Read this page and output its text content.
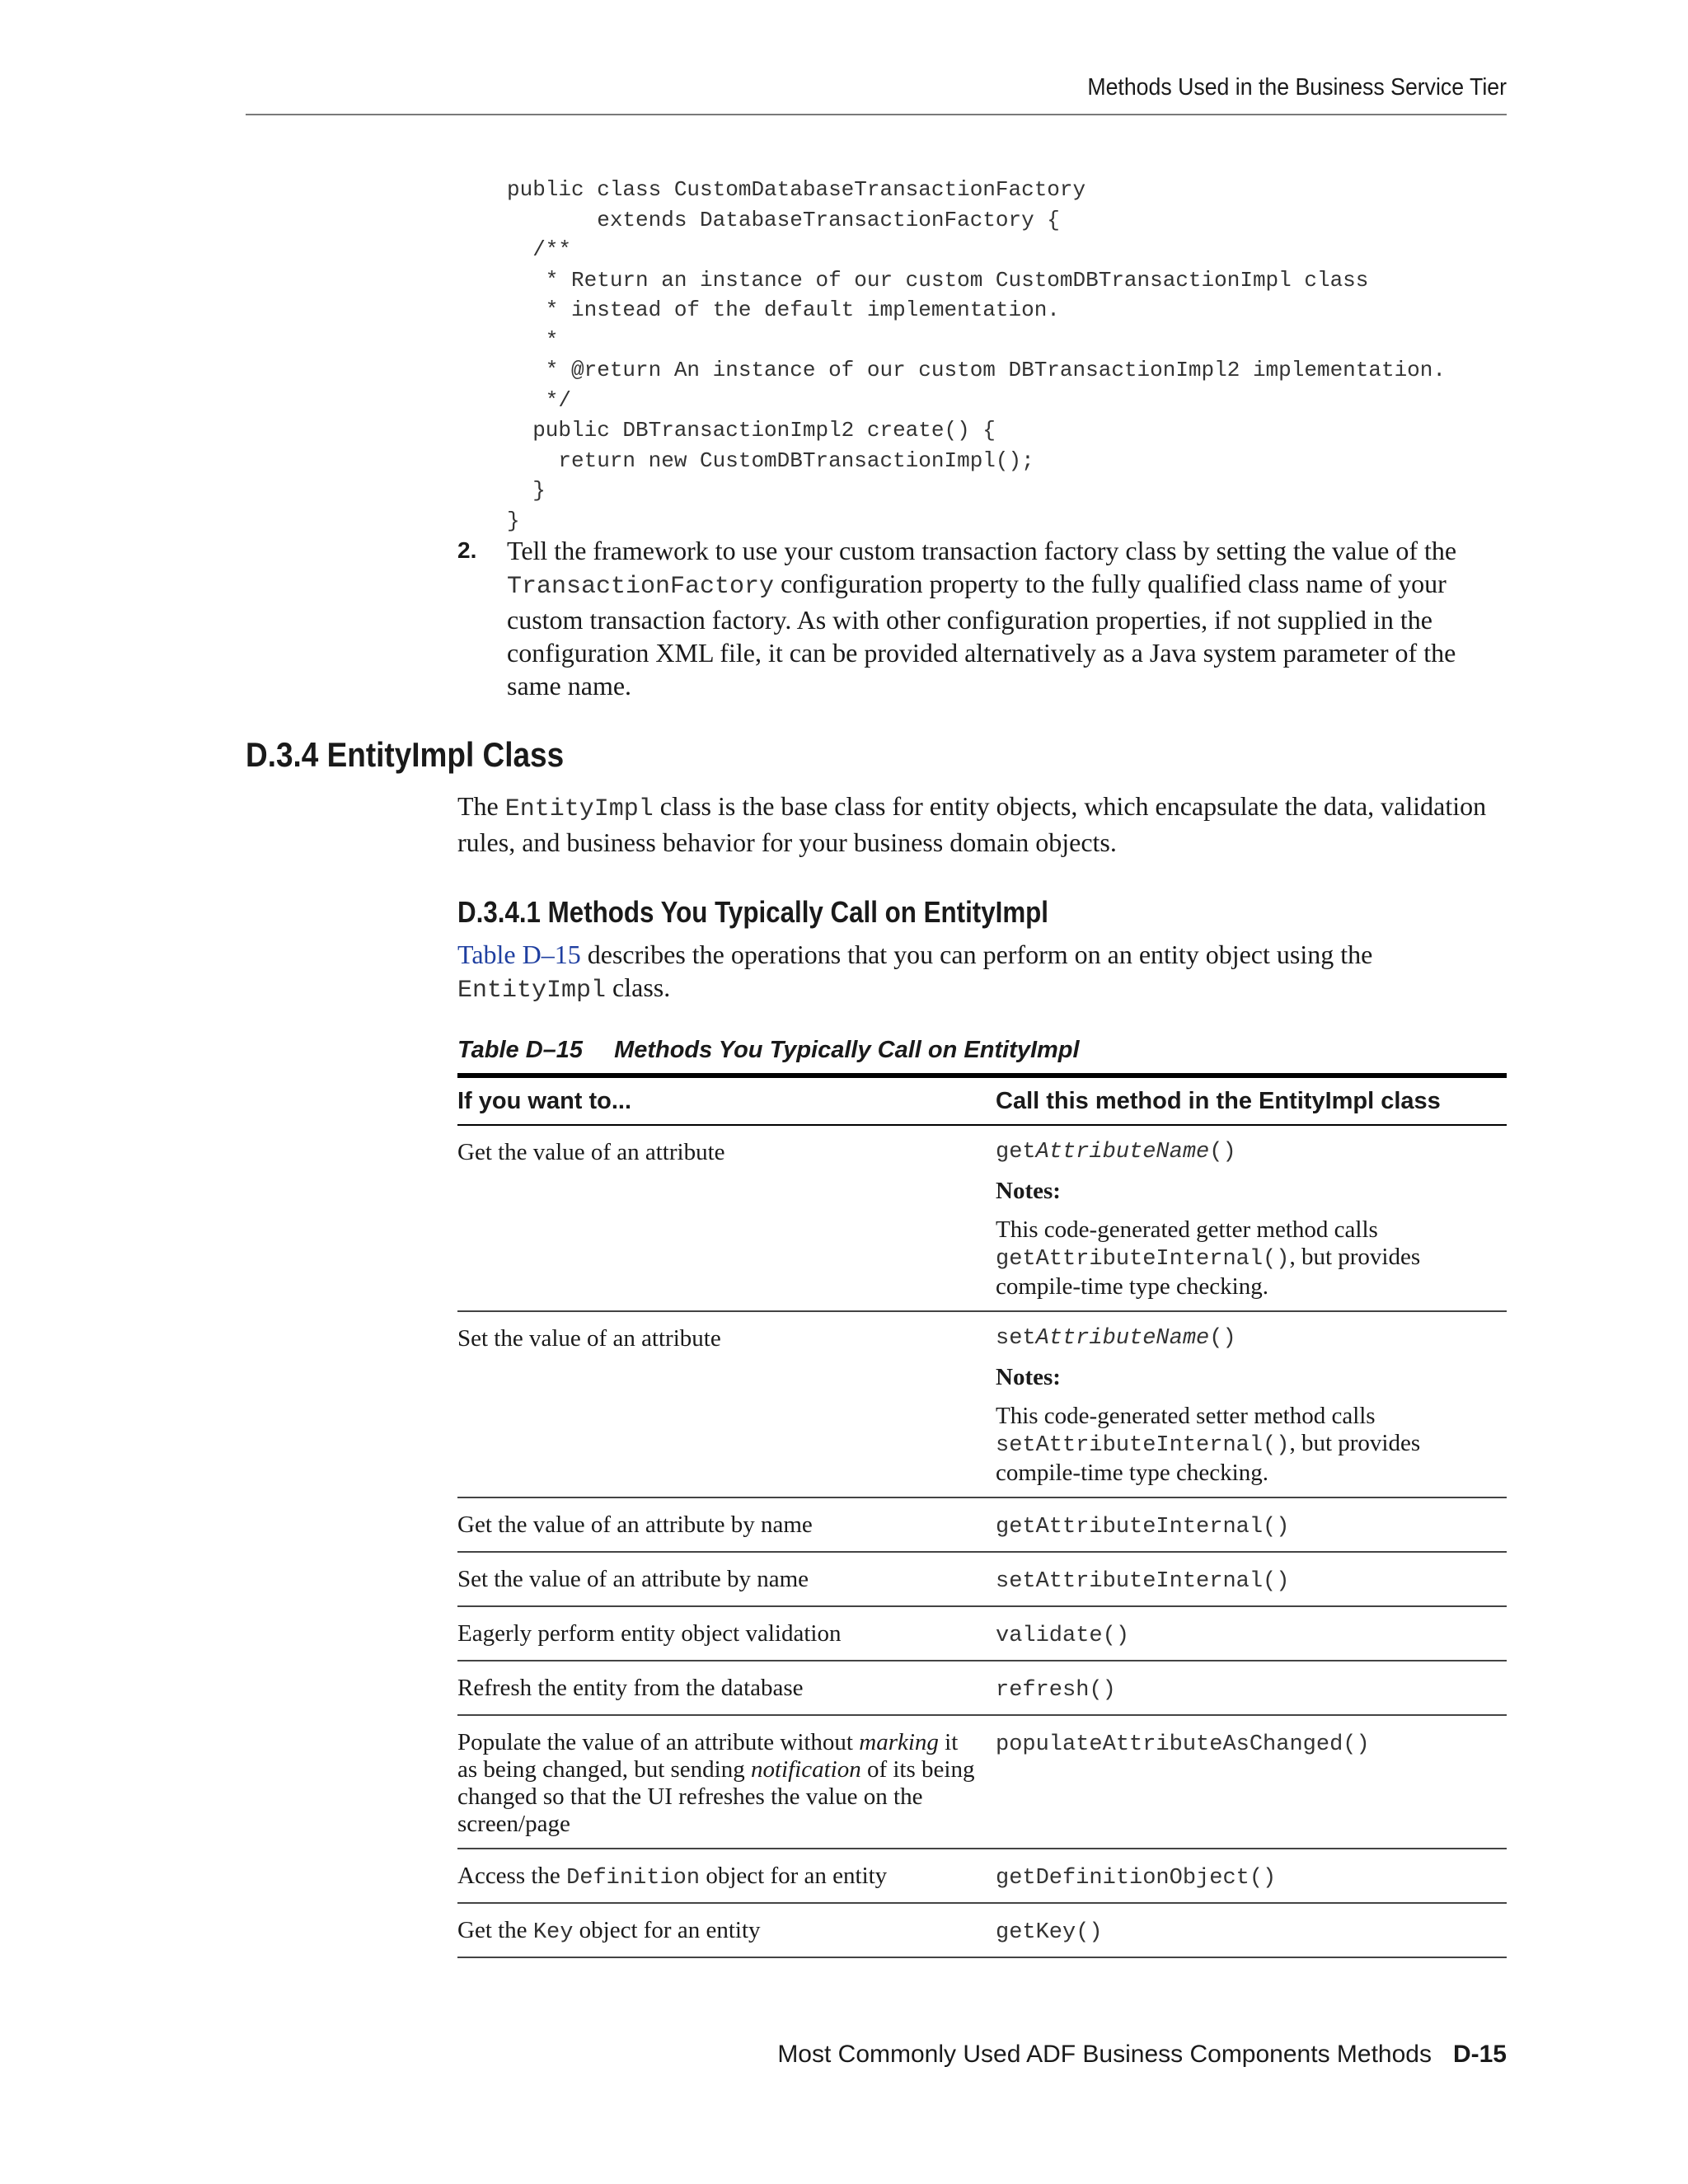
Methods Used in the Business Service Tier
public class CustomDatabaseTransactionFactory
extends DatabaseTransactionFactory {
/**
* Return an instance of our custom CustomDBTransactionImpl class
* instead of the default implementation.
*
* @return An instance of our custom DBTransactionImpl2 implementation.
*/
public DBTransactionImpl2 create() {
return new CustomDBTransactionImpl();
}
}
2. Tell the framework to use your custom transaction factory class by setting the value of the TransactionFactory configuration property to the fully qualified class name of your custom transaction factory. As with other configuration properties, if not supplied in the configuration XML file, it can be provided alternatively as a Java system parameter of the same name.
D.3.4 EntityImpl Class
The EntityImpl class is the base class for entity objects, which encapsulate the data, validation rules, and business behavior for your business domain objects.
D.3.4.1 Methods You Typically Call on EntityImpl
Table D–15 describes the operations that you can perform on an entity object using the EntityImpl class.
Table D–15 Methods You Typically Call on EntityImpl
If you want to...	Call this method in the EntityImpl class
Get the value of an attribute	getAttributeName()
Notes:
This code-generated getter method calls getAttributeInternal(), but provides compile-time type checking.

Set the value of an attribute	setAttributeName()
Notes:
This code-generated setter method calls setAttributeInternal(), but provides compile-time type checking.

Get the value of an attribute by name	getAttributeInternal()
Set the value of an attribute by name	setAttributeInternal()
Eagerly perform entity object validation	validate()
Refresh the entity from the database	refresh()
Populate the value of an attribute without marking it as being changed, but sending notification of its being changed so that the UI refreshes the value on the screen/page	populateAttributeAsChanged()
Access the Definition object for an entity	getDefinitionObject()
Get the Key object for an entity	getKey()
Most Commonly Used ADF Business Components Methods D-15
